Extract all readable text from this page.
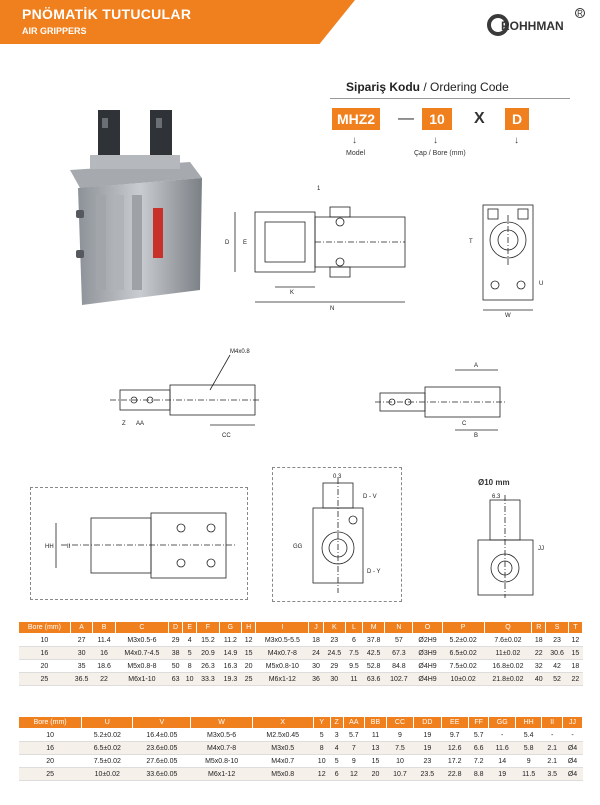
PNÖMATİK TUTUCULAR
AIR GRIPPERS	ROHHMAN
R
Sipariş Kodu / Ordering Code
MHZ2	—	10	X	D
↓	↓	↓
Model	Çap / Bore (mm)
D E
N
K
1
W
T
U
M4x0.8
Z AA
CC
A
B
C
HH II
0.3
D - V
D - Y
GG
Ø10 mm
JJ
6.3
Bore (mm)	A	B	C	D	E	F	G	H	I	J	K	L	M	N	O	P	Q	R	S	T
10	27	11.4	M3x0.5-6	29	4	15.2	11.2	12	M3x0.5-5.5	18	23	6	37.8	57	Ø2H9	5.2±0.02	7.6±0.02	18	23	12
16	30	16	M4x0.7-4.5	38	5	20.9	14.9	15	M4x0.7-8	24	24.5	7.5	42.5	67.3	Ø3H9	6.5±0.02	11±0.02	22	30.6	15
20	35	18.6	M5x0.8-8	50	8	26.3	16.3	20	M5x0.8-10	30	29	9.5	52.8	84.8	Ø4H9	7.5±0.02	16.8±0.02	32	42	18
25	36.5	22	M6x1-10	63	10	33.3	19.3	25	M6x1-12	36	30	11	63.6	102.7	Ø4H9	10±0.02	21.8±0.02	40	52	22
Bore (mm)	U	V	W	X	Y	Z	AA	BB	CC	DD	EE	FF	GG	HH	II	JJ
10	5.2±0.02	16.4±0.05	M3x0.5-6	M2.5x0.45	5	3	5.7	11	9	19	9.7	5.7	-	5.4	-	-
16	6.5±0.02	23.6±0.05	M4x0.7-8	M3x0.5	8	4	7	13	7.5	19	12.6	6.6	11.6	5.8	2.1	Ø4
20	7.5±0.02	27.6±0.05	M5x0.8-10	M4x0.7	10	5	9	15	10	23	17.2	7.2	14	9	2.1	Ø4
25	10±0.02	33.6±0.05	M6x1-12	M5x0.8	12	6	12	20	10.7	23.5	22.8	8.8	19	11.5	3.5	Ø4
